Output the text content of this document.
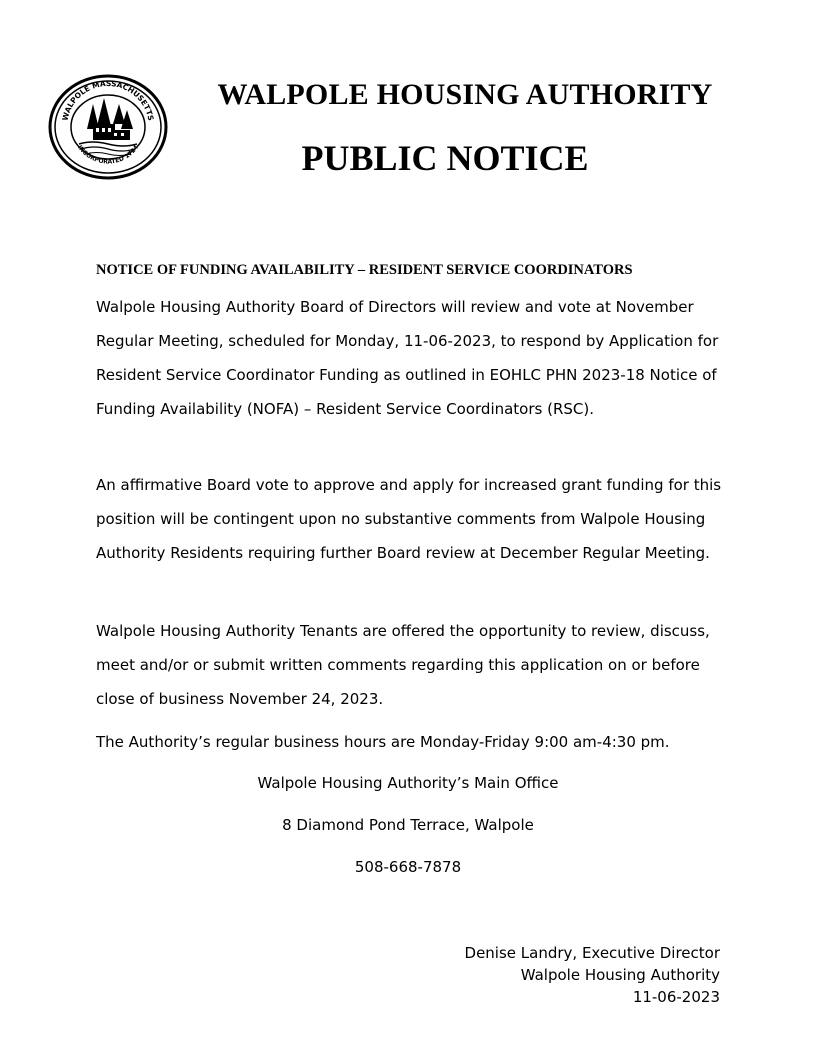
WALPOLE MASSACHUSETTS
INCORPORATED 1724
WALPOLE HOUSING AUTHORITY
PUBLIC NOTICE
NOTICE OF FUNDING AVAILABILITY – RESIDENT SERVICE COORDINATORS

Walpole Housing Authority Board of Directors will review and vote at November Regular Meeting, scheduled for Monday, 11-06-2023, to respond by Application for Resident Service Coordinator Funding as outlined in EOHLC PHN 2023-18 Notice of Funding Availability (NOFA) – Resident Service Coordinators (RSC).

An affirmative Board vote to approve and apply for increased grant funding for this position will be contingent upon no substantive comments from Walpole Housing Authority Residents requiring further Board review at December Regular Meeting.

Walpole Housing Authority Tenants are offered the opportunity to review, discuss, meet and/or or submit written comments regarding this application on or before close of business November 24, 2023.

The Authority’s regular business hours are Monday-Friday 9:00 am-4:30 pm.

Walpole Housing Authority’s Main Office

8 Diamond Pond Terrace, Walpole

508-668-7878

Denise Landry, Executive Director
Walpole Housing Authority
11-06-2023
